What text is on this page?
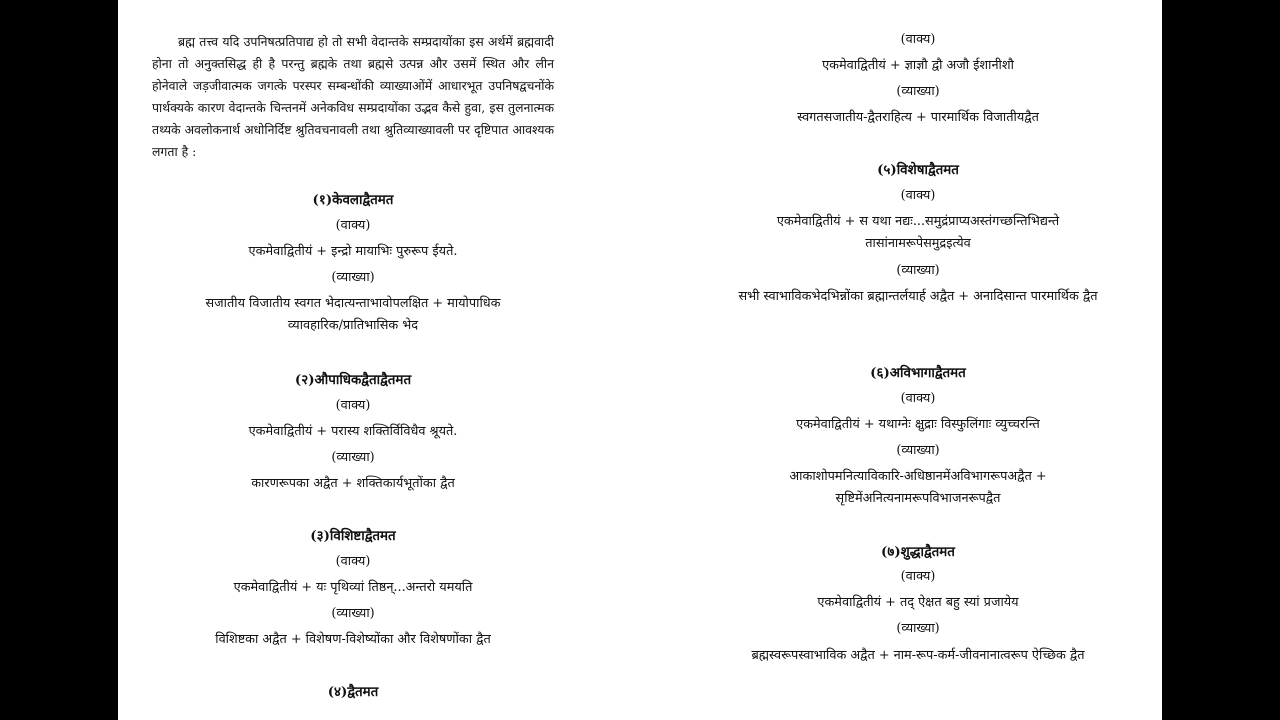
ब्रह्म तत्त्व यदि उपनिषत्प्रतिपाद्य हो तो सभी वेदान्तके सम्प्रदायोंका इस अर्थमें ब्रह्मवादी होना तो अनुक्तसिद्ध ही है परन्तु ब्रह्मके तथा ब्रह्मसे उत्पन्न और उसमें स्थित और लीन होनेवाले जड़जीवात्मक जगत्के परस्पर सम्बन्धोंकी व्याख्याओंमें आधारभूत उपनिषद्वचनोंके पार्थक्यके कारण वेदान्तके चिन्तनमें अनेकविध सम्प्रदायोंका उद्भव कैसे हुवा, इस तुलनात्मक तथ्यके अवलोकनार्थ अधोनिर्दिष्ट श्रुतिवचनावली तथा श्रुतिव्याख्यावली पर दृष्टिपात आवश्यक लगता है :

(१)केवलाद्वैतमत
(वाक्य)
एकमेवाद्वितीयं + इन्द्रो मायाभिः पुरुरूप ईयते.
(व्याख्या)
सजातीय विजातीय स्वगत भेदात्यन्ताभावोपलक्षित + मायोपाधिक व्यावहारिक/प्रातिभासिक भेद
(२)औपाधिकद्वैताद्वैतमत
(वाक्य)
एकमेवाद्वितीयं + परास्य शक्तिर्विविधैव श्रूयते.
(व्याख्या)
कारणरूपका अद्वैत + शक्तिकार्यभूतोंका द्वैत
(३)विशिष्टाद्वैतमत
(वाक्य)
एकमेवाद्वितीयं + यः पृथिव्यां तिष्ठन्...अन्तरो यमयति
(व्याख्या)
विशिष्टका अद्वैत + विशेषण-विशेष्योंका और विशेषणोंका द्वैत
(४)द्वैतमत
(वाक्य)
एकमेवाद्वितीयं + ज्ञाज्ञौ द्वौ अजौ ईशानीशौ
(व्याख्या)
स्वगतसजातीय-द्वैतराहित्य + पारमार्थिक विजातीयद्वैत
(५)विशेषाद्वैतमत
(वाक्य)
एकमेवाद्वितीयं + स यथा नद्यः...समुद्रंप्राप्यअस्तंगच्छन्तिभिद्यन्ते तासांनामरूपेसमुद्रइत्येव
(व्याख्या)
सभी स्वाभाविकभेदभिन्नोंका ब्रह्मान्तर्लयार्ह अद्वैत + अनादिसान्त पारमार्थिक द्वैत
(६)अविभागाद्वैतमत
(वाक्य)
एकमेवाद्वितीयं + यथाग्नेः क्षुद्राः विस्फुलिंगाः व्युच्चरन्ति
(व्याख्या)
आकाशोपमनित्याविकारि-अधिष्ठानमेंअविभागरूपअद्वैत + सृष्टिमेंअनित्यनामरूपविभाजनरूपद्वैत
(७)शुद्धाद्वैतमत
(वाक्य)
एकमेवाद्वितीयं + तद् ऐक्षत बहु स्यां प्रजायेय
(व्याख्या)
ब्रह्मस्वरूपस्वाभाविक अद्वैत + नाम-रूप-कर्म-जीवनानात्वरूप ऐच्छिक द्वैत
